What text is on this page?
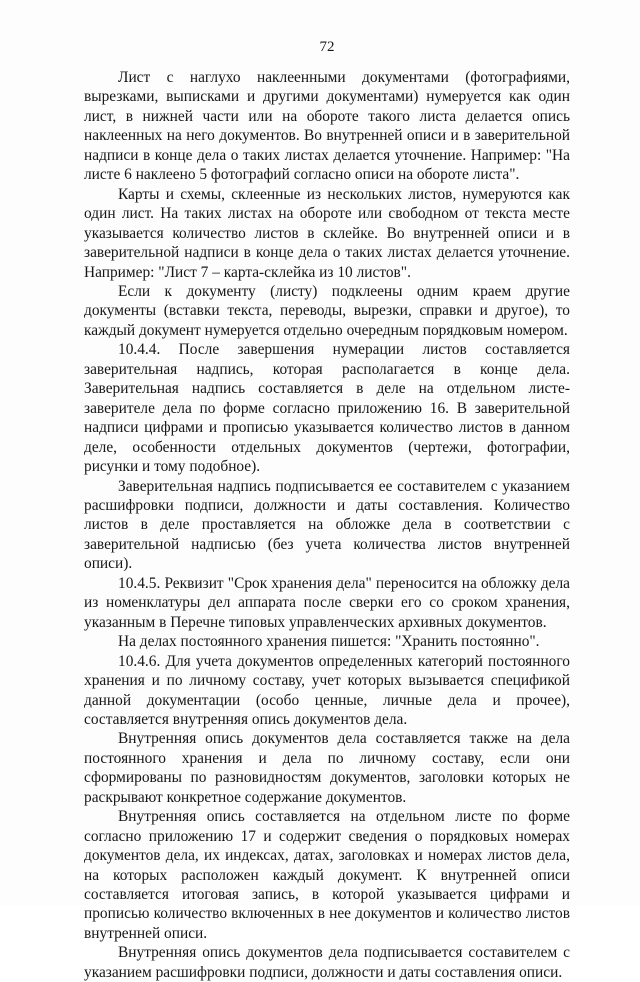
72

Лист с наглухо наклеенными документами (фотографиями, вырезками, выписками и другими документами) нумеруется как один лист, в нижней части или на обороте такого листа делается опись наклеенных на него документов. Во внутренней описи и в заверительной надписи в конце дела о таких листах делается уточнение. Например: "На листе 6 наклеено 5 фотографий согласно описи на обороте листа".

Карты и схемы, склеенные из нескольких листов, нумеруются как один лист. На таких листах на обороте или свободном от текста месте указывается количество листов в склейке. Во внутренней описи и в заверительной надписи в конце дела о таких листах делается уточнение. Например: "Лист 7 – карта-склейка из 10 листов".

Если к документу (листу) подклеены одним краем другие документы (вставки текста, переводы, вырезки, справки и другое), то каждый документ нумеруется отдельно очередным порядковым номером.

10.4.4. После завершения нумерации листов составляется заверительная надпись, которая располагается в конце дела. Заверительная надпись составляется в деле на отдельном листе-заверителе дела по форме согласно приложению 16. В заверительной надписи цифрами и прописью указывается количество листов в данном деле, особенности отдельных документов (чертежи, фотографии, рисунки и тому подобное).

Заверительная надпись подписывается ее составителем с указанием расшифровки подписи, должности и даты составления. Количество листов в деле проставляется на обложке дела в соответствии с заверительной надписью (без учета количества листов внутренней описи).

10.4.5. Реквизит "Срок хранения дела" переносится на обложку дела из номенклатуры дел аппарата после сверки его со сроком хранения, указанным в Перечне типовых управленческих архивных документов.

На делах постоянного хранения пишется: "Хранить постоянно".

10.4.6. Для учета документов определенных категорий постоянного хранения и по личному составу, учет которых вызывается спецификой данной документации (особо ценные, личные дела и прочее), составляется внутренняя опись документов дела.

Внутренняя опись документов дела составляется также на дела постоянного хранения и дела по личному составу, если они сформированы по разновидностям документов, заголовки которых не раскрывают конкретное содержание документов.

Внутренняя опись составляется на отдельном листе по форме согласно приложению 17 и содержит сведения о порядковых номерах документов дела, их индексах, датах, заголовках и номерах листов дела, на которых расположен каждый документ. К внутренней описи составляется итоговая запись, в которой указывается цифрами и прописью количество включенных в нее документов и количество листов внутренней описи.

Внутренняя опись документов дела подписывается составителем с указанием расшифровки подписи, должности и даты составления описи.
